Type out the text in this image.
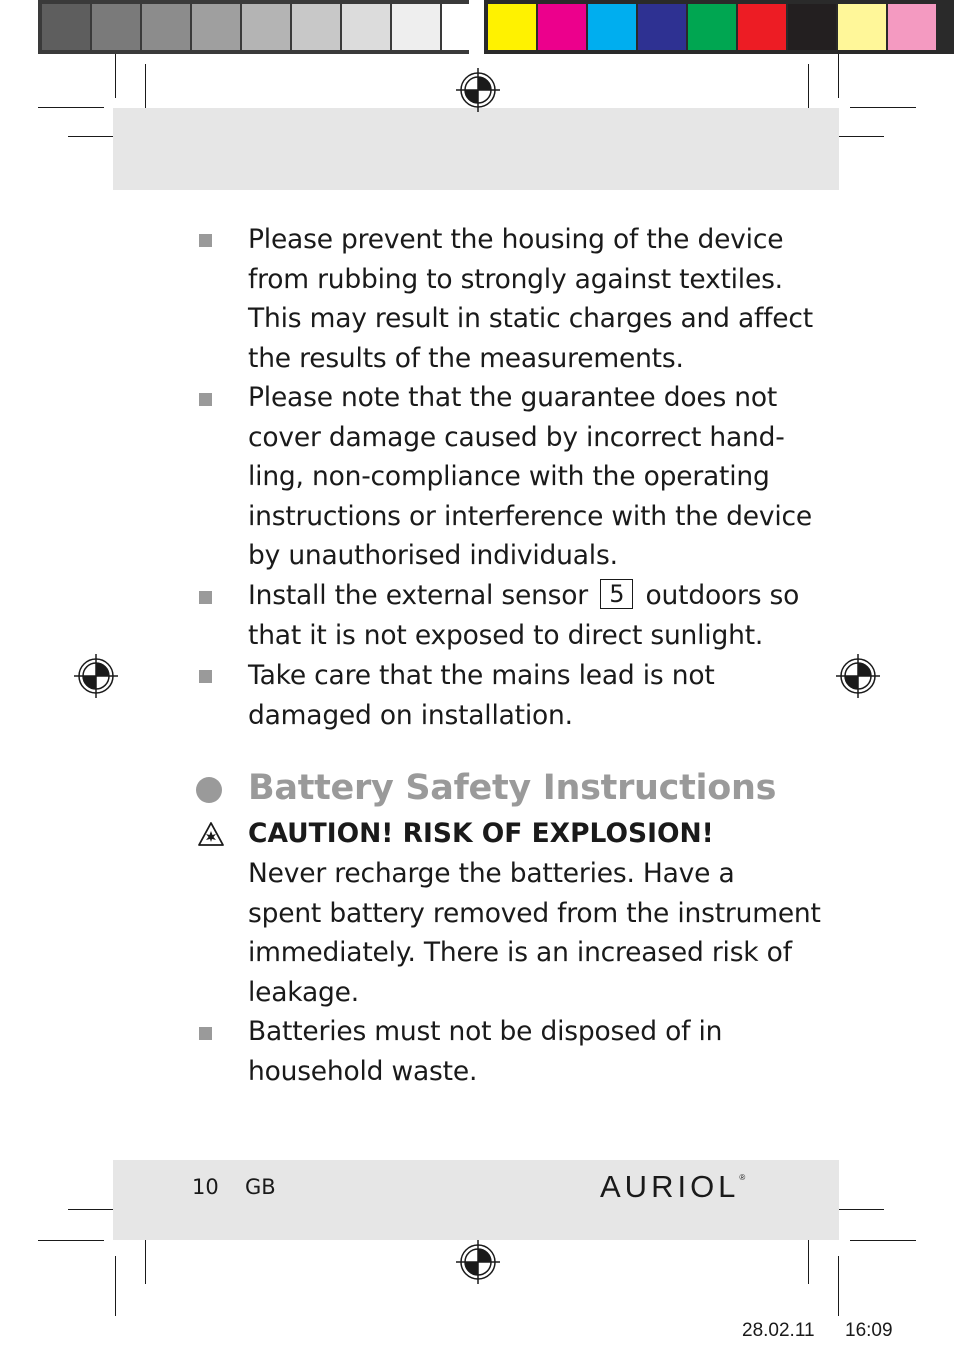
Please prevent the housing of the device
from rubbing to strongly against textiles.
This may result in static charges and affect
the results of the measurements.
Please note that the guarantee does not
cover damage caused by incorrect hand-
ling, non-compliance with the operating
instructions or interference with the device
by unauthorised individuals.
Install the external sensor 5 outdoors so
that it is not exposed to direct sunlight.
Take care that the mains lead is not
damaged on installation.
Battery Safety Instructions
CAUTION! RISK OF EXPLOSION!
Never recharge the batteries. Have a
spent battery removed from the instrument
immediately. There is an increased risk of
leakage.
Batteries must not be disposed of in
household waste.
10 GB	AURIOL®
28.02.11 16:09
